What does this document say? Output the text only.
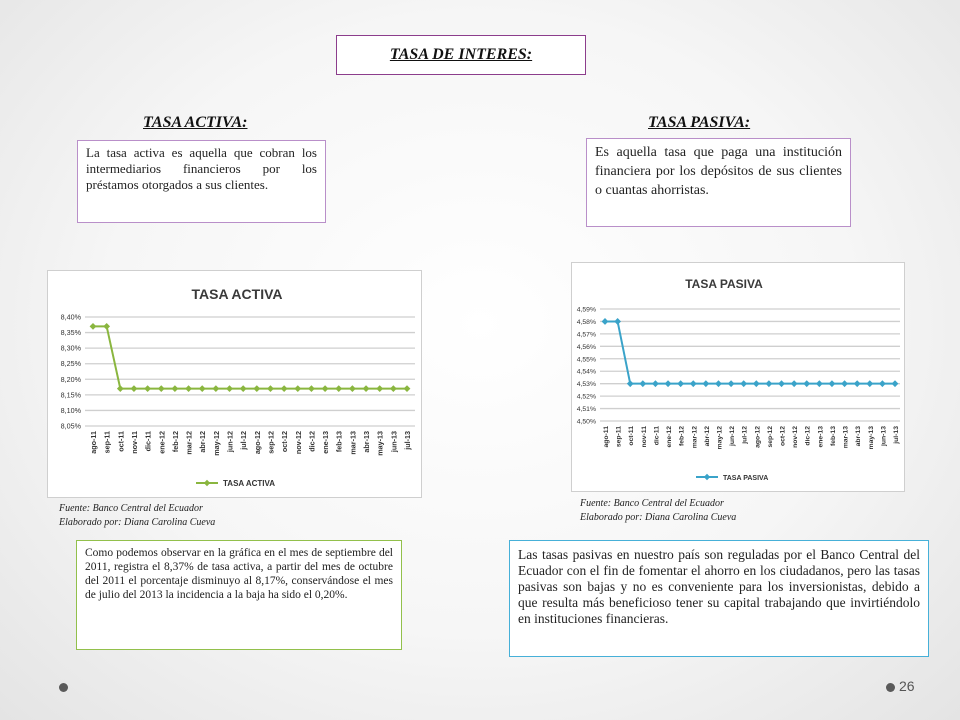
TASA DE INTERES:
TASA ACTIVA:	TASA PASIVA:
La tasa activa es aquella que cobran los intermediarios financieros por los préstamos otorgados a sus clientes.
Es aquella tasa que paga una institución financiera por los depósitos de sus clientes o cuantas ahorristas.
TASA ACTIVA
8,40%
8,35%
8,30%
8,25%
8,20%
8,15%
8,10%
8,05%
ago-11 sep-11 oct-11 nov-11 dic-11 ene-12 feb-12 mar-12 abr-12 may-12 jun-12 jul-12 ago-12 sep-12 oct-12 nov-12 dic-12 ene-13 feb-13 mar-13 abr-13 may-13 jun-13 jul-13
TASA ACTIVA
TASA PASIVA
4,59%
4,58%
4,57%
4,56%
4,55%
4,54%
4,53%
4,52%
4,51%
4,50%
ago-11 sep-11 oct-11 nov-11 dic-11 ene-12 feb-12 mar-12 abr-12 may-12 jun-12 jul-12 ago-12 sep-12 oct-12 nov-12 dic-12 ene-13 feb-13 mar-13 abr-13 may-13 jun-13 jul-13
TASA PASIVA
Fuente: Banco Central del Ecuador
Elaborado por: Diana Carolina Cueva
Fuente: Banco Central del Ecuador
Elaborado por: Diana Carolina Cueva
Como podemos observar en la gráfica en el mes de septiembre del 2011, registra el 8,37% de tasa activa, a partir del mes de octubre del 2011 el porcentaje disminuyo al 8,17%, conservándose el mes de julio del 2013 la incidencia a la baja ha sido el 0,20%.
Las tasas pasivas en nuestro país son reguladas por el Banco Central del Ecuador con el fin de fomentar el ahorro en los ciudadanos, pero las tasas pasivas son bajas y no es conveniente para los inversionistas, debido a que resulta más beneficioso tener su capital trabajando que invirtiéndolo en instituciones financieras.
26
